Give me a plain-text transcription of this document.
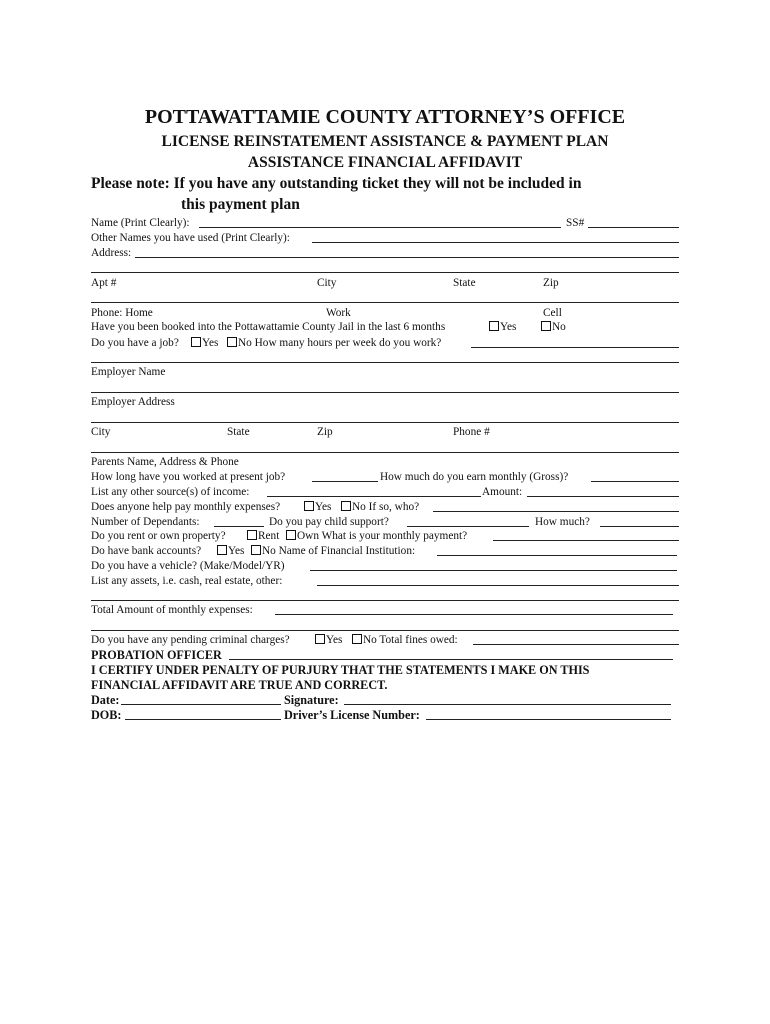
POTTAWATTAMIE COUNTY ATTORNEY’S OFFICE
LICENSE REINSTATEMENT ASSISTANCE & PAYMENT PLAN
ASSISTANCE FINANCIAL AFFIDAVIT
Please note: If you have any outstanding ticket they will not be included in
this payment plan
Name (Print Clearly):	SS#
Other Names you have used (Print Clearly):
Address:
Apt #	City	State	Zip
Phone: Home	Work	Cell
Have you been booked into the Pottawattamie County Jail in the last 6 months	Yes	No
Do you have a job? Yes No How many hours per week do you work?
Employer Name
Employer Address
City	State	Zip	Phone #
Parents Name, Address & Phone
How long have you worked at present job?	How much do you earn monthly (Gross)?
List any other source(s) of income:	Amount:
Does anyone help pay monthly expenses?	Yes No If so, who?
Number of Dependants:	Do you pay child support?	How much?
Do you rent or own property?	Rent Own What is your monthly payment?
Do have bank accounts? Yes No Name of Financial Institution:
Do you have a vehicle? (Make/Model/YR)
List any assets, i.e. cash, real estate, other:
Total Amount of monthly expenses:
Do you have any pending criminal charges?	Yes No Total fines owed:
PROBATION OFFICER
I CERTIFY UNDER PENALTY OF PURJURY THAT THE STATEMENTS I MAKE ON THIS
FINANCIAL AFFIDAVIT ARE TRUE AND CORRECT.
Date:	Signature:
DOB:	Driver’s License Number:
